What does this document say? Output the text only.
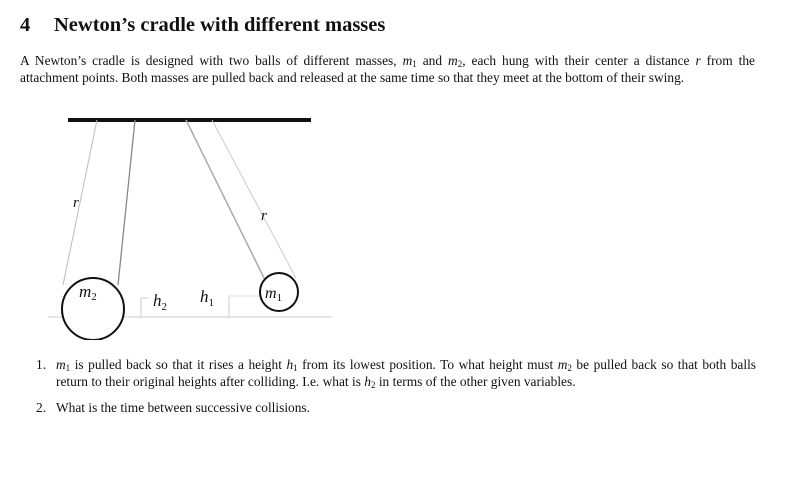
4 Newton’s cradle with different masses

A Newton’s cradle is designed with two balls of different masses, $m_1$ and $m_2$, each hung with their center a distance r from the attachment points. Both masses are pulled back and released at the same time so that they meet at the bottom of their swing.

r
r
m2	m1
$h_2$
$h_1$
1. $m_1$ is pulled back so that it rises a height $h_1$ from its lowest position. To what height must $m_2$ be pulled back so that both balls return to their original heights after colliding. I.e. what is $h_2$ in terms of the other given variables.
2. What is the time between successive collisions.
